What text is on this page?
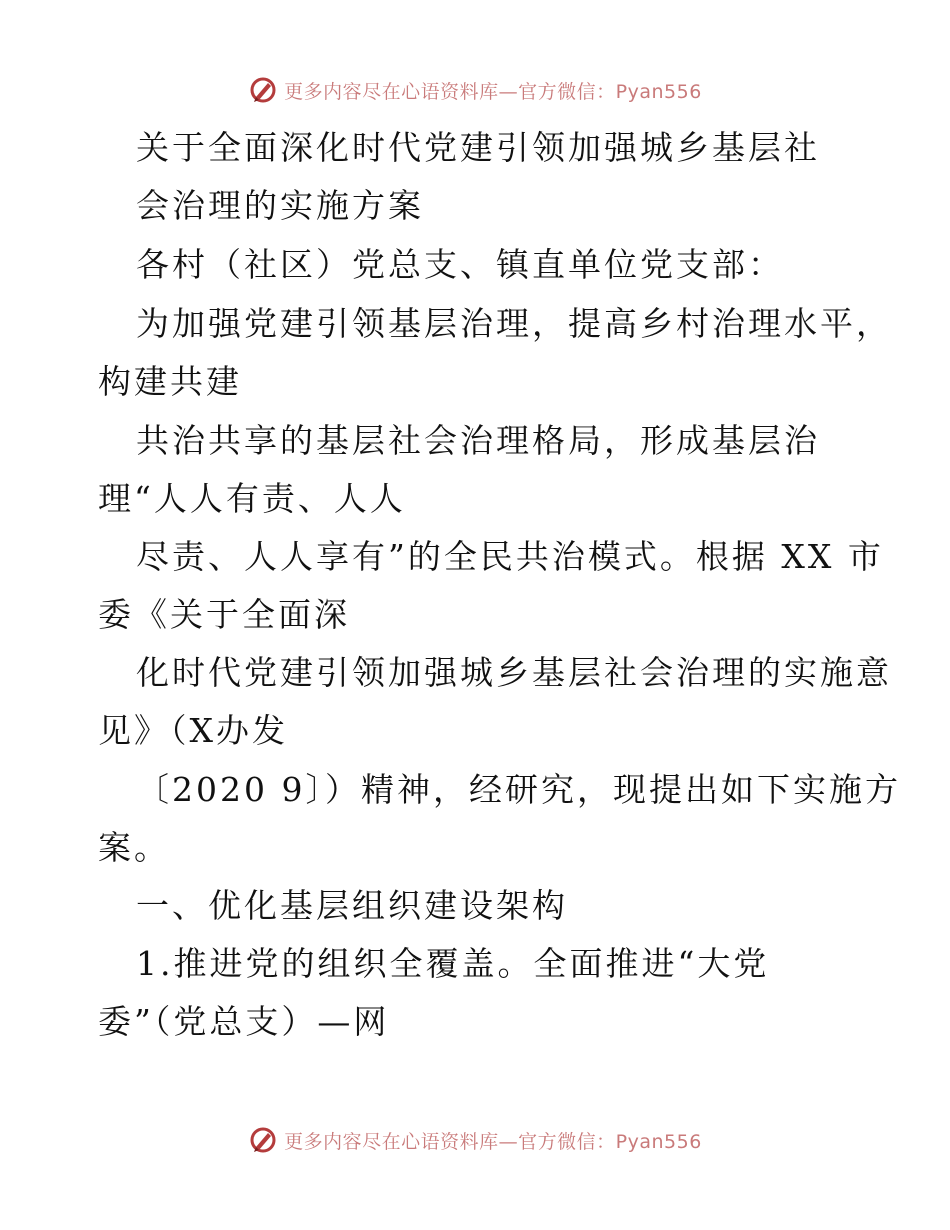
更多内容尽在心语资料库—官方微信：Pyan556
关于全面深化时代党建引领加强城乡基层社
会治理的实施方案
各村（社区）党总支、镇直单位党支部：
为加强党建引领基层治理，提高乡村治理水平，
构建共建
共治共享的基层社会治理格局，形成基层治
理“人人有责、人人
尽责、人人享有”的全民共治模式。根据 XX 市
委《关于全面深
化时代党建引领加强城乡基层社会治理的实施意
见》（X办发
〔2020 9〕）精神，经研究，现提出如下实施方
案。
一、优化基层组织建设架构
1.推进党的组织全覆盖。全面推进“大党
委”（党总支）—网
更多内容尽在心语资料库—官方微信：Pyan556
